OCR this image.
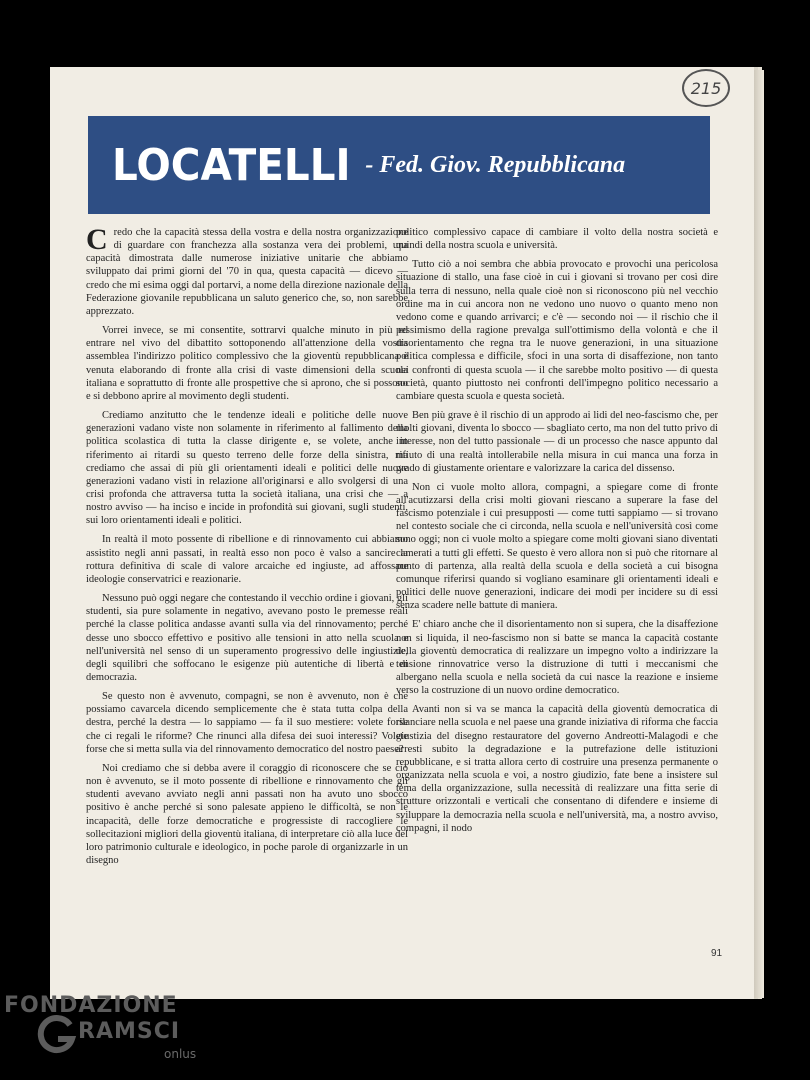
215
LOCATELLI - Fed. Giov. Repubblicana

Credo che la capacità stessa della vostra e della nostra organizzazione di guardare con franchezza alla sostanza vera dei problemi, una capacità dimostrata dalle numerose iniziative unitarie che abbiamo sviluppato dai primi giorni del '70 in qua, questa capacità — dicevo — credo che mi esima oggi dal portarvi, a nome della direzione nazionale della Federazione giovanile repubblicana un saluto generico che, so, non sarebbe apprezzato.

Vorrei invece, se mi consentite, sottrarvi qualche minuto in più ed entrare nel vivo del dibattito sottoponendo all'attenzione della vostra assemblea l'indirizzo politico complessivo che la gioventù repubblicana è venuta elaborando di fronte alla crisi di vaste dimensioni della scuola italiana e soprattutto di fronte alle prospettive che si aprono, che si possono e si debbono aprire al movimento degli studenti.

Crediamo anzitutto che le tendenze ideali e politiche delle nuove generazioni vadano viste non solamente in riferimento al fallimento della politica scolastica di tutta la classe dirigente e, se volete, anche in riferimento ai ritardi su questo terreno delle forze della sinistra, ma crediamo che assai di più gli orientamenti ideali e politici delle nuove generazioni vadano visti in relazione all'originarsi e allo svolgersi di una crisi profonda che attraversa tutta la società italiana, una crisi che — a nostro avviso — ha inciso e incide in profondità sui giovani, sugli studenti, sui loro orientamenti ideali e politici.

In realtà il moto possente di ribellione e di rinnovamento cui abbiamo assistito negli anni passati, in realtà esso non poco è valso a sancire la rottura definitiva di scale di valore arcaiche ed ingiuste, ad affossare ideologie conservatrici e reazionarie.

Nessuno può oggi negare che contestando il vecchio ordine i giovani, gli studenti, sia pure solamente in negativo, avevano posto le premesse reali perché la classe politica andasse avanti sulla via del rinnovamento; perché desse uno sbocco effettivo e positivo alle tensioni in atto nella scuola e nell'università nel senso di un superamento progressivo delle ingiustizie, degli squilibri che soffocano le esigenze più autentiche di libertà e di democrazia.

Se questo non è avvenuto, compagni, se non è avvenuto, non è che possiamo cavarcela dicendo semplicemente che è stata tutta colpa della destra, perché la destra — lo sappiamo — fa il suo mestiere: volete forse che ci regali le riforme? Che rinunci alla difesa dei suoi interessi? Volete forse che si metta sulla via del rinnovamento democratico del nostro paese?

Noi crediamo che si debba avere il coraggio di riconoscere che se ciò non è avvenuto, se il moto possente di ribellione e rinnovamento che gli studenti avevano avviato negli anni passati non ha avuto uno sbocco positivo è anche perché si sono palesate appieno le difficoltà, se non le incapacità, delle forze democratiche e progressiste di raccogliere le sollecitazioni migliori della gioventù italiana, di interpretare ciò alla luce del loro patrimonio culturale e ideologico, in poche parole di organizzarle in un disegno

politico complessivo capace di cambiare il volto della nostra società e quindi della nostra scuola e università.

Tutto ciò a noi sembra che abbia provocato e provochi una pericolosa situazione di stallo, una fase cioè in cui i giovani si trovano per così dire sulla terra di nessuno, nella quale cioè non si riconoscono più nel vecchio ordine ma in cui ancora non ne vedono uno nuovo o quanto meno non vedono come e quando arrivarci; e c'è — secondo noi — il rischio che il pessimismo della ragione prevalga sull'ottimismo della volontà e che il disorientamento che regna tra le nuove generazioni, in una situazione politica complessa e difficile, sfoci in una sorta di disaffezione, non tanto nei confronti di questa scuola — il che sarebbe molto positivo — di questa società, quanto piuttosto nei confronti dell'impegno politico necessario a cambiare questa scuola e questa società.

Ben più grave è il rischio di un approdo ai lidi del neo-fascismo che, per molti giovani, diventa lo sbocco — sbagliato certo, ma non del tutto privo di interesse, non del tutto passionale — di un processo che nasce appunto dal rifiuto di una realtà intollerabile nella misura in cui manca una forza in grado di giustamente orientare e valorizzare la carica del dissenso.

Non ci vuole molto allora, compagni, a spiegare come di fronte all'acutizzarsi della crisi molti giovani riescano a superare la fase del fascismo potenziale i cui presupposti — come tutti sappiamo — si trovano nel contesto sociale che ci circonda, nella scuola e nell'università così come sono oggi; non ci vuole molto a spiegare come molti giovani siano diventati camerati a tutti gli effetti. Se questo è vero allora non si può che ritornare al punto di partenza, alla realtà della scuola e della società a cui bisogna comunque riferirsi quando si vogliano esaminare gli orientamenti ideali e politici delle nuove generazioni, indicare dei modi per incidere su di essi senza scadere nelle battute di maniera.

E' chiaro anche che il disorientamento non si supera, che la disaffezione non si liquida, il neo-fascismo non si batte se manca la capacità costante della gioventù democratica di realizzare un impegno volto a indirizzare la tensione rinnovatrice verso la distruzione di tutti i meccanismi che albergano nella scuola e nella società da cui nasce la reazione e insieme verso la costruzione di un nuovo ordine democratico.

Avanti non si va se manca la capacità della gioventù democratica di rilanciare nella scuola e nel paese una grande iniziativa di riforma che faccia giustizia del disegno restauratore del governo Andreotti-Malagodi e che arresti subito la degradazione e la putrefazione delle istituzioni repubblicane, e si tratta allora certo di costruire una presenza permanente o organizzata nella scuola e voi, a nostro giudizio, fate bene a insistere sul tema della organizzazione, sulla necessità di realizzare una fitta serie di strutture orizzontali e verticali che consentano di difendere e insieme di sviluppare la democrazia nella scuola e nell'università, ma, a nostro avviso, compagni, il nodo

91
FONDAZIONE
RAMSCI
onlus
